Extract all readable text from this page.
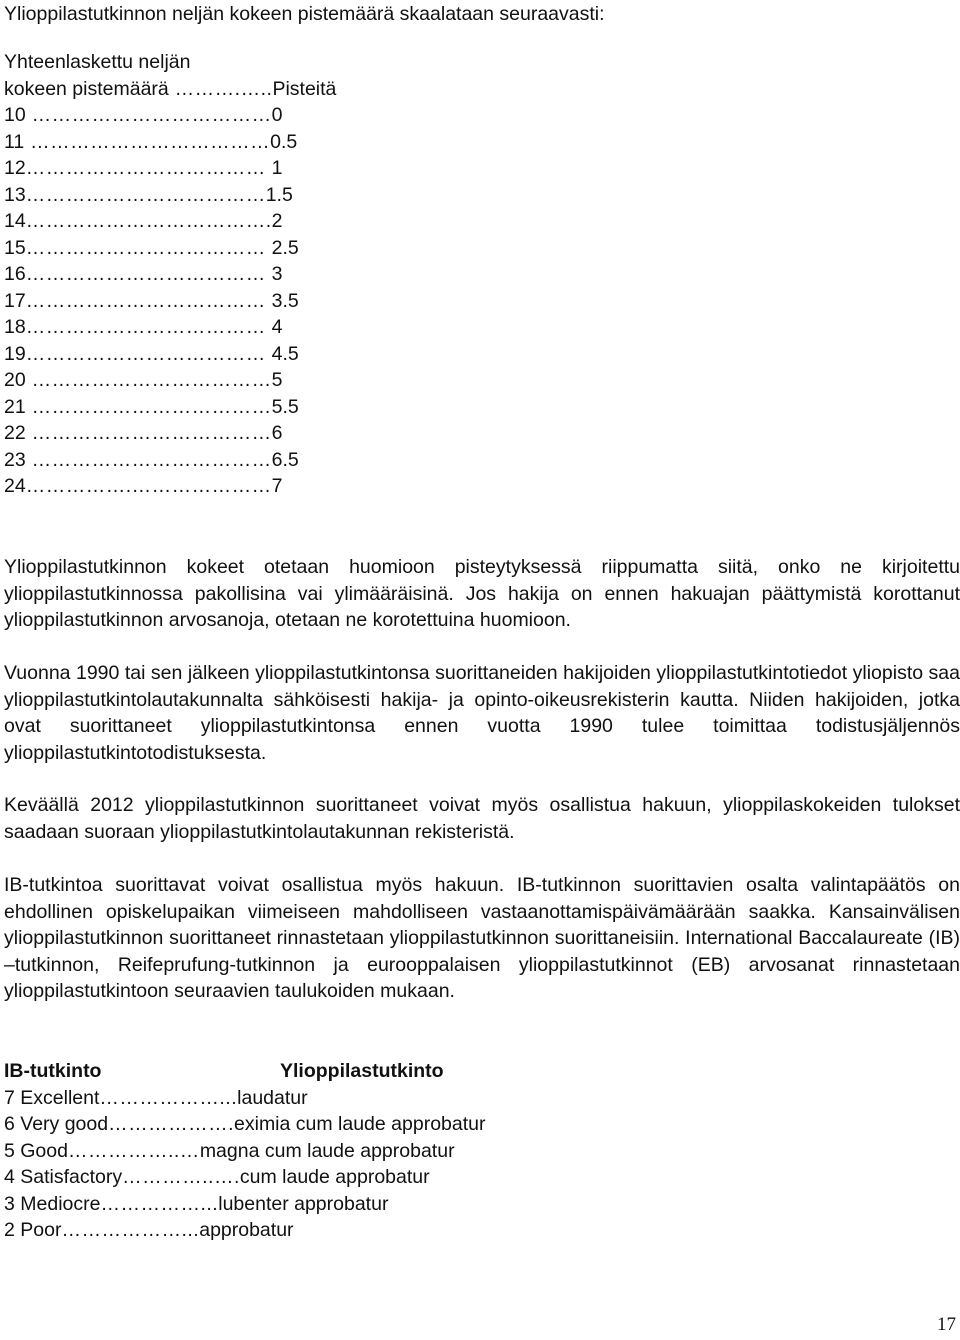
Ylioppilastutkinnon neljän kokeen pistemäärä skaalataan seuraavasti:
Yhteenlaskettu neljän
kokeen pistemäärä ……….…..Pisteitä
10 ………………………………0
11 ………………………………0.5
12……………………………… 1
13………………………………1.5
14……………………………….2
15……………………………… 2.5
16……………………………… 3
17……………………………… 3.5
18……………………………… 4
19……………………………… 4.5
20 ………………………………5
21 ………………………………5.5
22 ………………………………6
23 ………………………………6.5
24…………….…………………7
Ylioppilastutkinnon kokeet otetaan huomioon pisteytyksessä riippumatta siitä, onko ne kirjoitettu ylioppilastutkinnossa pakollisina vai ylimääräisinä. Jos hakija on ennen hakuajan päättymistä korottanut ylioppilastutkinnon arvosanoja, otetaan ne korotettuina huomioon.
Vuonna 1990 tai sen jälkeen ylioppilastutkintonsa suorittaneiden hakijoiden ylioppilastutkintotiedot yliopisto saa ylioppilastutkintolautakunnalta sähköisesti hakija- ja opinto-oikeusrekisterin kautta. Niiden hakijoiden, jotka ovat suorittaneet ylioppilastutkintonsa ennen vuotta 1990 tulee toimittaa todistusjäljennös ylioppilastutkintotodistuksesta.
Keväällä 2012 ylioppilastutkinnon suorittaneet voivat myös osallistua hakuun, ylioppilaskokeiden tulokset saadaan suoraan ylioppilastutkintolautakunnan rekisteristä.
IB-tutkintoa suorittavat voivat osallistua myös hakuun. IB-tutkinnon suorittavien osalta valintapäätös on ehdollinen opiskelupaikan viimeiseen mahdolliseen vastaanottamispäivämäärään saakka. Kansainvälisen ylioppilastutkinnon suorittaneet rinnastetaan ylioppilastutkinnon suorittaneisiin. International Baccalaureate (IB) –tutkinnon, Reifeprufung-tutkinnon ja eurooppalaisen ylioppilastutkinnot (EB) arvosanat rinnastetaan ylioppilastutkintoon seuraavien taulukoiden mukaan.
IB-tutkinto	Ylioppilastutkinto
7 Excellent………………...laudatur
6 Very good……………….eximia cum laude approbatur
5 Good……………..…magna cum laude approbatur
4 Satisfactory…………..….cum laude approbatur
3 Mediocre……………...lubenter approbatur
2 Poor………………...approbatur
17
